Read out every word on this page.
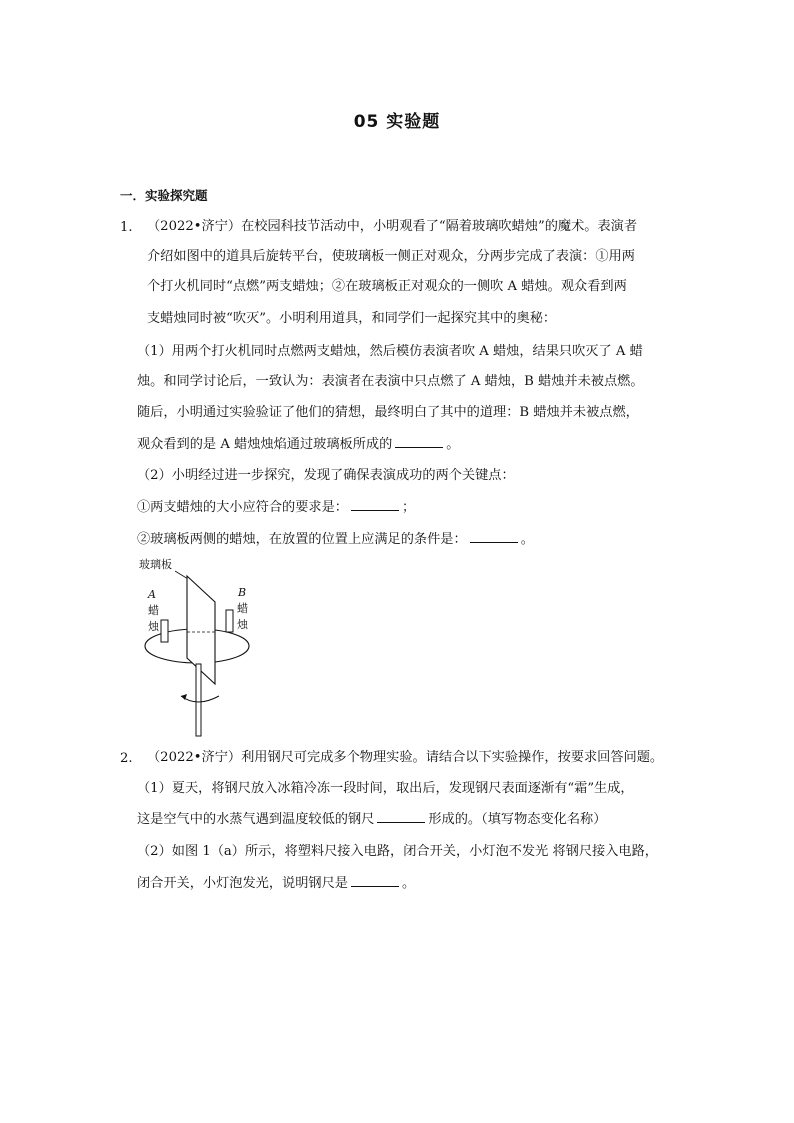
05 实验题
一．实验探究题
1. （2022•济宁）在校园科技节活动中，小明观看了“隔着玻璃吹蜡烛”的魔术。表演者
介绍如图中的道具后旋转平台，使玻璃板一侧正对观众，分两步完成了表演：①用两
个打火机同时“点燃”两支蜡烛；②在玻璃板正对观众的一侧吹 A 蜡烛。观众看到两
支蜡烛同时被“吹灭”。小明利用道具，和同学们一起探究其中的奥秘：
（1）用两个打火机同时点燃两支蜡烛，然后模仿表演者吹 A 蜡烛，结果只吹灭了 A 蜡
烛。和同学讨论后，一致认为：表演者在表演中只点燃了 A 蜡烛，B 蜡烛并未被点燃。
随后，小明通过实验验证了他们的猜想，最终明白了其中的道理：B 蜡烛并未被点燃，
观众看到的是 A 蜡烛烛焰通过玻璃板所成的	。
（2）小明经过进一步探究，发现了确保表演成功的两个关键点：
①两支蜡烛的大小应符合的要求是：	；
②玻璃板两侧的蜡烛，在放置的位置上应满足的条件是：	。
玻璃板
A
蜡
烛
B
蜡
烛
2. （2022•济宁）利用钢尺可完成多个物理实验。请结合以下实验操作，按要求回答问题。
（1）夏天，将钢尺放入冰箱冷冻一段时间，取出后，发现钢尺表面逐渐有“霜”生成，
这是空气中的水蒸气遇到温度较低的钢尺	形成的。（填写物态变化名称）
（2）如图 1（a）所示，将塑料尺接入电路，闭合开关，小灯泡不发光 将钢尺接入电路，
闭合开关，小灯泡发光，说明钢尺是	。
